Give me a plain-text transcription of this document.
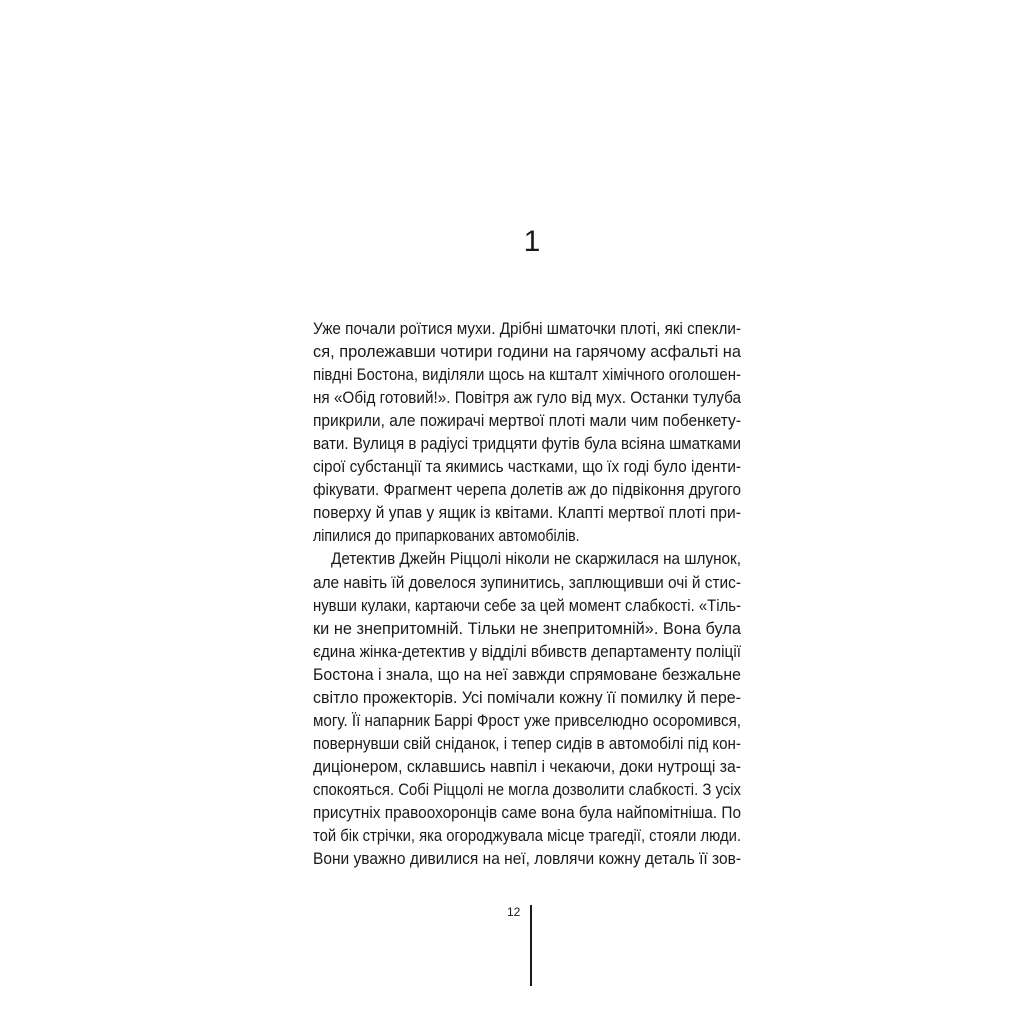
1
Уже почали роїтися мухи. Дрібні шматочки плоті, які спекли-
ся, пролежавши чотири години на гарячому асфальті на
півдні Бостона, виділяли щось на кшталт хімічного оголошен-
ня «Обід готовий!». Повітря аж гуло від мух. Останки тулуба
прикрили, але пожирачі мертвої плоті мали чим побенкету-
вати. Вулиця в радіусі тридцяти футів була всіяна шматками
сірої субстанції та якимись частками, що їх годі було іденти-
фікувати. Фрагмент черепа долетів аж до підвіконня другого
поверху й упав у ящик із квітами. Клапті мертвої плоті при-
ліпилися до припаркованих автомобілів.
Детектив Джейн Ріццолі ніколи не скаржилася на шлунок,
але навіть їй довелося зупинитись, заплющивши очі й стис-
нувши кулаки, картаючи себе за цей момент слабкості. «Тіль-
ки не знепритомній. Тільки не знепритомній». Вона була
єдина жінка-детектив у відділі вбивств департаменту поліції
Бостона і знала, що на неї завжди спрямоване безжальне
світло прожекторів. Усі помічали кожну її помилку й пере-
могу. Її напарник Баррі Фрост уже привселюдно осоромився,
повернувши свій сніданок, і тепер сидів в автомобілі під кон-
диціонером, склавшись навпіл і чекаючи, доки нутрощі за-
спокояться. Собі Ріццолі не могла дозволити слабкості. З усіх
присутніх правоохоронців саме вона була найпомітніша. По
той бік стрічки, яка огороджувала місце трагедії, стояли люди.
Вони уважно дивилися на неї, ловлячи кожну деталь її зов-
12
